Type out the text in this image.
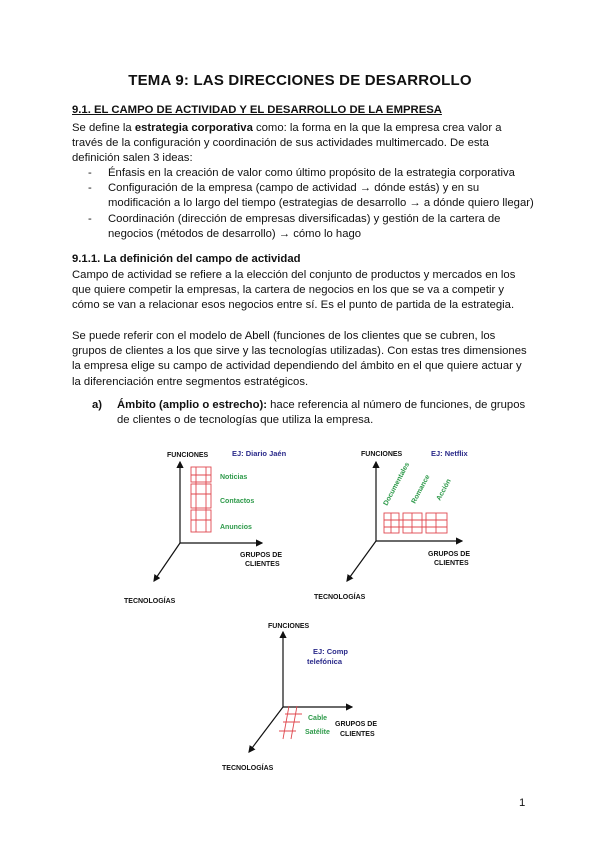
TEMA 9: LAS DIRECCIONES DE DESARROLLO
9.1. EL CAMPO DE ACTIVIDAD Y EL DESARROLLO DE LA EMPRESA

Se define la estrategia corporativa como: la forma en la que la empresa crea valor a través de la configuración y coordinación de sus actividades multimercado. De esta definición salen 3 ideas:

- Énfasis en la creación de valor como último propósito de la estrategia corporativa
- Configuración de la empresa (campo de actividad → dónde estás) y en su modificación a lo largo del tiempo (estrategias de desarrollo → a dónde quiero llegar)
- Coordinación (dirección de empresas diversificadas) y gestión de la cartera de negocios (métodos de desarrollo) → cómo lo hago
9.1.1. La definición del campo de actividad

Campo de actividad se refiere a la elección del conjunto de productos y mercados en los que quiere competir la empresas, la cartera de negocios en los que se va a competir y cómo se van a relacionar esos negocios entre sí. Es el punto de partida de la estrategia.

Se puede referir con el modelo de Abell (funciones de los clientes que se cubren, los grupos de clientes a los que sirve y las tecnologías utilizadas). Con estas tres dimensiones la empresa elige su campo de actividad dependiendo del ámbito en el que quiere actuar y la diferenciación entre segmentos estratégicos.

a) Ámbito (amplio o estrecho): hace referencia al número de funciones, de grupos de clientes o de tecnologías que utiliza la empresa.
FUNCIONES	EJ: Diario Jaén
GRUPOS DE
CLIENTES
TECNOLOGÍAS
Noticias
Contactos
Anuncios
FUNCIONES	EJ: Netflix
GRUPOS DE
CLIENTES
TECNOLOGÍAS
Documentales Romance Acción
FUNCIONES
EJ: Comp
telefónica
GRUPOS DE
CLIENTES
TECNOLOGÍAS
Cable
Satélite
1
